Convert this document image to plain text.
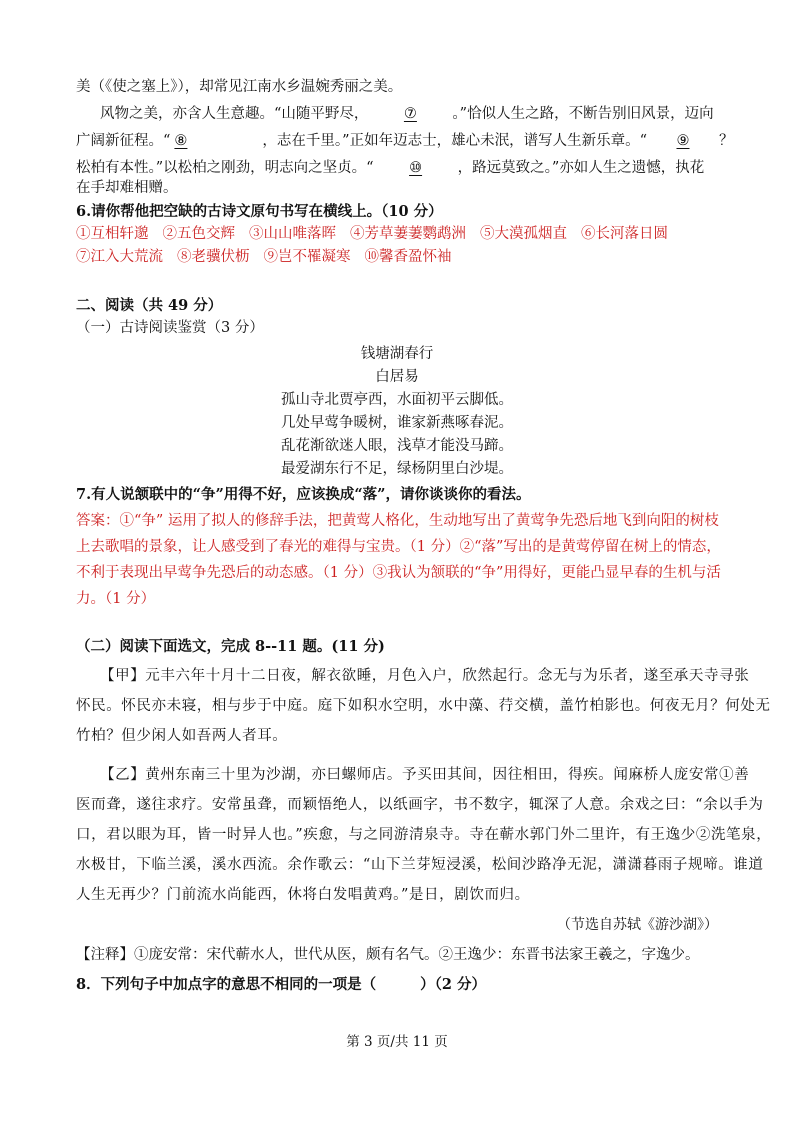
美（《使之塞上》），却常见江南水乡温婉秀丽之美。
风物之美，亦含人生意趣。“山随平野尽， ⑦ 。”恰似人生之路，不断告别旧风景，迈向
广阔新征程。“ ⑧	，志在千里。”正如年迈志士，雄心未泯，谱写人生新乐章。“ ⑨ ？
松柏有本性。”以松柏之刚劲，明志向之坚贞。“ ⑩ ，路远莫致之。”亦如人生之遗憾，执花
在手却难相赠。
6.请你帮他把空缺的古诗文原句书写在横线上。（10 分）
①互相轩邈 ②五色交辉 ③山山唯落晖 ④芳草萋萋鹦鹉洲 ⑤大漠孤烟直 ⑥长河落日圆
⑦江入大荒流 ⑧老骥伏枥 ⑨岂不罹凝寒 ⑩馨香盈怀袖
二、阅读（共 49 分）
（一）古诗阅读鉴赏（3 分）
钱塘湖春行
白居易
孤山寺北贾亭西，水面初平云脚低。
几处早莺争暖树，谁家新燕啄春泥。
乱花渐欲迷人眼，浅草才能没马蹄。
最爱湖东行不足，绿杨阴里白沙堤。
7.有人说颔联中的“争”用得不好，应该换成“落”，请你谈谈你的看法。
答案：①“争” 运用了拟人的修辞手法，把黄莺人格化，生动地写出了黄莺争先恐后地飞到向阳的树枝
上去歌唱的景象，让人感受到了春光的难得与宝贵。（1 分）②“落”写出的是黄莺停留在树上的情态，
不利于表现出早莺争先恐后的动态感。（1 分）③我认为颔联的“争”用得好，更能凸显早春的生机与活
力。（1 分）
（二）阅读下面选文，完成 8--11 题。(11 分)
【甲】元丰六年十月十二日夜，解衣欲睡，月色入户，欣然起行。念无与为乐者，遂至承天寺寻张
怀民。怀民亦未寝，相与步于中庭。庭下如积水空明，水中藻、荇交横，盖竹柏影也。何夜无月？何处无
竹柏？但少闲人如吾两人者耳。
【乙】黄州东南三十里为沙湖，亦曰螺师店。予买田其间，因往相田，得疾。闻麻桥人庞安常①善
医而聋，遂往求疗。安常虽聋，而颖悟绝人，以纸画字，书不数字，辄深了人意。余戏之曰：“余以手为
口，君以眼为耳，皆一时异人也。”疾愈，与之同游清泉寺。寺在蕲水郭门外二里许，有王逸少②洗笔泉，
水极甘，下临兰溪，溪水西流。余作歌云：“山下兰芽短浸溪，松间沙路净无泥，潇潇暮雨子规啼。谁道
人生无再少？门前流水尚能西，休将白发唱黄鸡。”是日，剧饮而归。
（节选自苏轼《游沙湖》）
【注释】①庞安常：宋代蕲水人，世代从医，颇有名气。②王逸少：东晋书法家王羲之，字逸少。
8．下列句子中加点字的意思不相同的一项是（	）（2 分）
第 3 页/共 11 页
